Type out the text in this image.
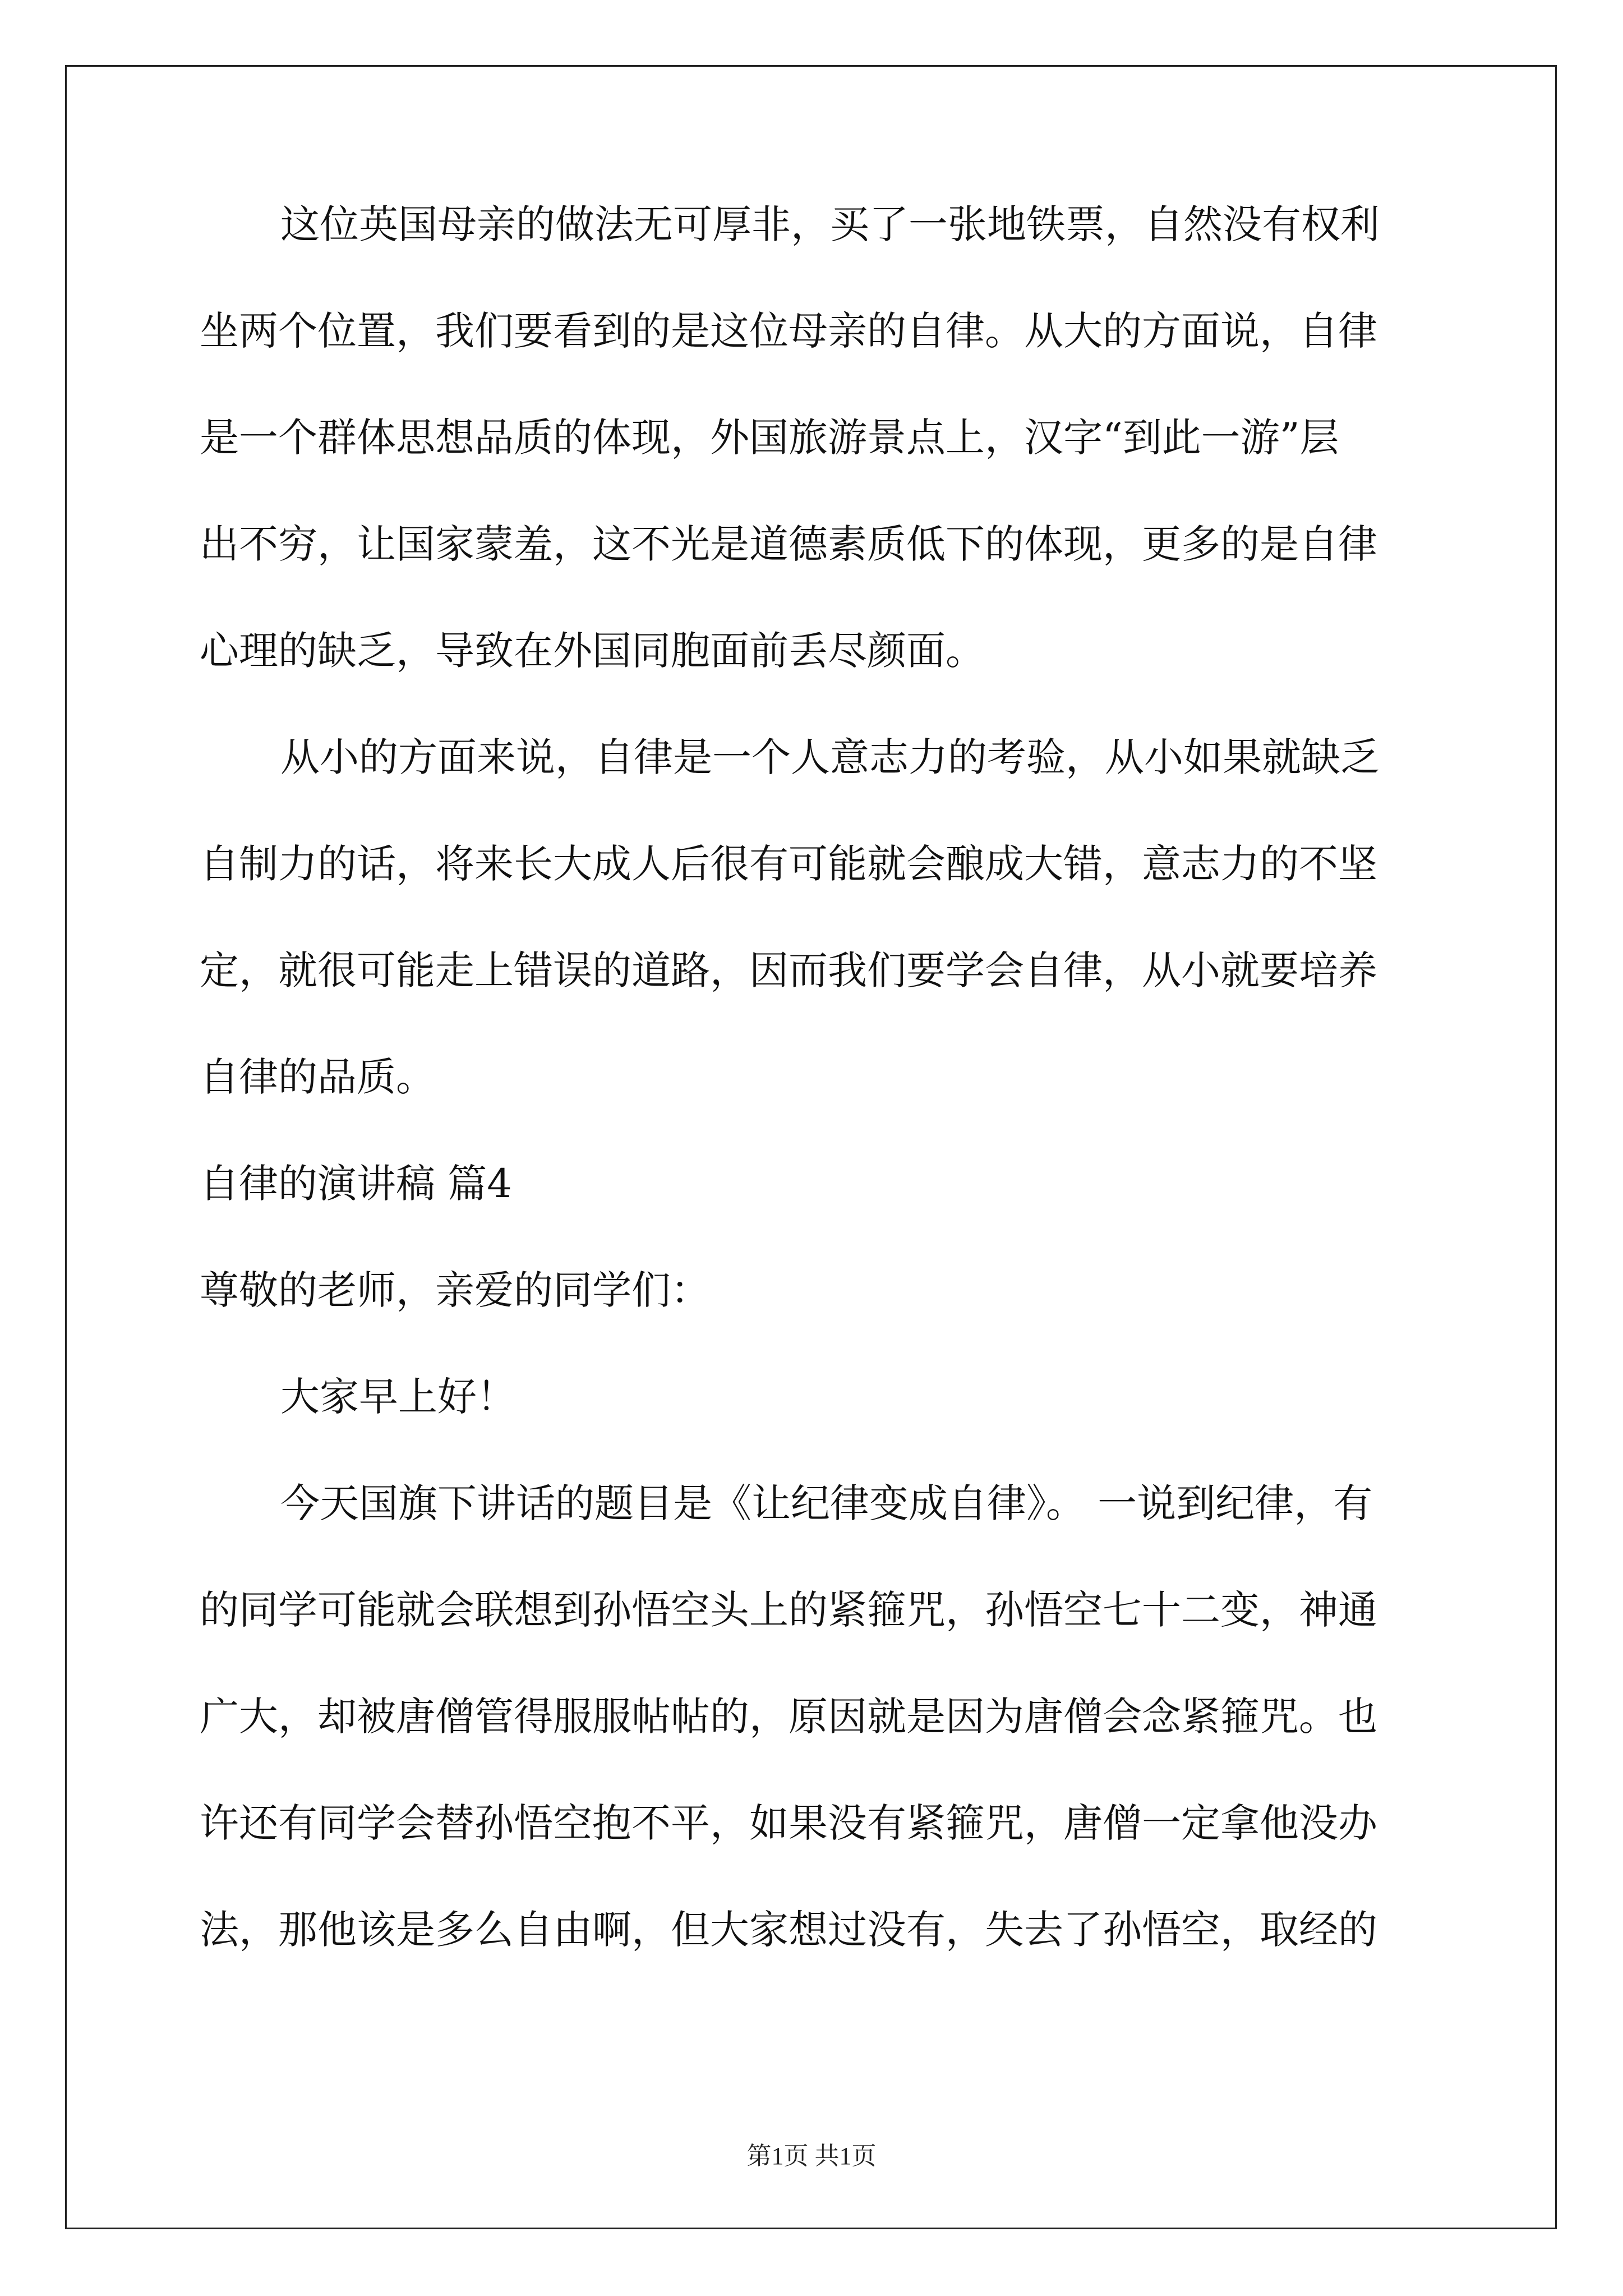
这位英国母亲的做法无可厚非，买了一张地铁票，自然没有权利
坐两个位置，我们要看到的是这位母亲的自律。从大的方面说，自律
是一个群体思想品质的体现，外国旅游景点上，汉字“到此一游”层
出不穷，让国家蒙羞，这不光是道德素质低下的体现，更多的是自律
心理的缺乏，导致在外国同胞面前丢尽颜面。
从小的方面来说，自律是一个人意志力的考验，从小如果就缺乏
自制力的话，将来长大成人后很有可能就会酿成大错，意志力的不坚
定，就很可能走上错误的道路，因而我们要学会自律，从小就要培养
自律的品质。
自律的演讲稿 篇4
尊敬的老师，亲爱的同学们：
大家早上好！
今天国旗下讲话的题目是《让纪律变成自律》。 一说到纪律，有
的同学可能就会联想到孙悟空头上的紧箍咒，孙悟空七十二变，神通
广大，却被唐僧管得服服帖帖的，原因就是因为唐僧会念紧箍咒。也
许还有同学会替孙悟空抱不平，如果没有紧箍咒，唐僧一定拿他没办
法，那他该是多么自由啊，但大家想过没有，失去了孙悟空，取经的
第1页 共1页
